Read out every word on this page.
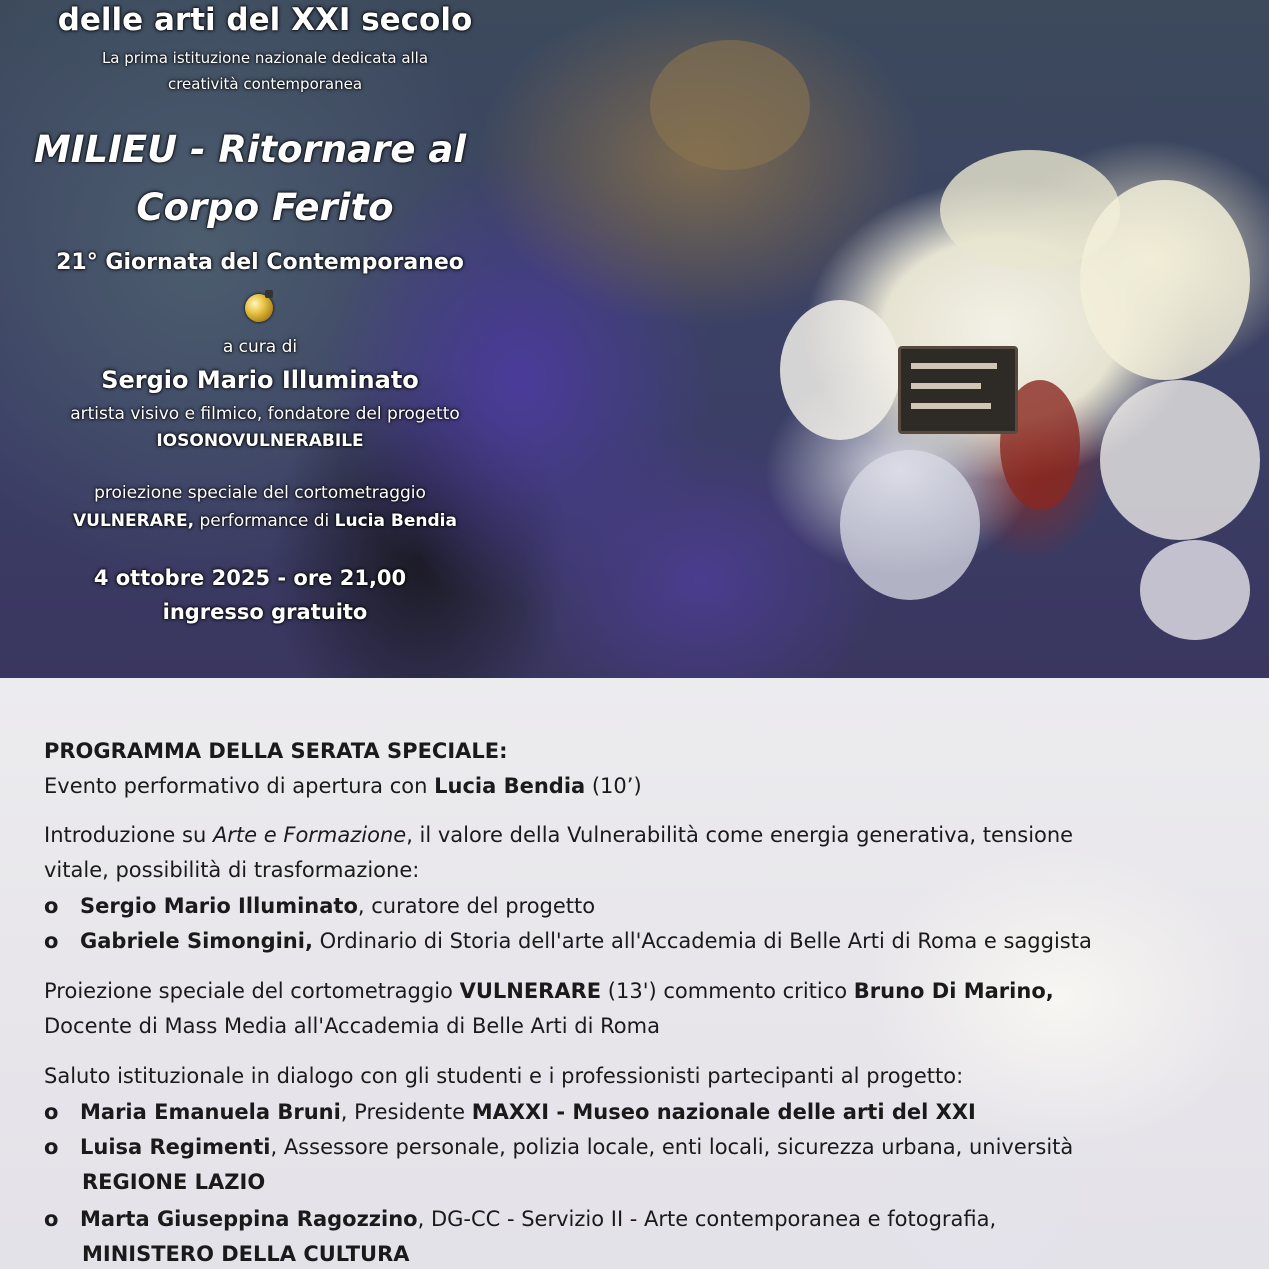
delle arti del XXI secolo
La prima istituzione nazionale dedicata alla
creatività contemporanea
MILIEU - Ritornare al
Corpo Ferito
21° Giornata del Contemporaneo
a cura di
Sergio Mario Illuminato
artista visivo e filmico, fondatore del progetto
IOSONOVULNERABILE
proiezione speciale del cortometraggio
VULNERARE, performance di Lucia Bendia
4 ottobre 2025 - ore 21,00
ingresso gratuito
PROGRAMMA DELLA SERATA SPECIALE:
Evento performativo di apertura con Lucia Bendia (10’)
Introduzione su Arte e Formazione, il valore della Vulnerabilità come energia generativa, tensione
vitale, possibilità di trasformazione:
o Sergio Mario Illuminato, curatore del progetto
o Gabriele Simongini, Ordinario di Storia dell'arte all'Accademia di Belle Arti di Roma e saggista
Proiezione speciale del cortometraggio VULNERARE (13') commento critico Bruno Di Marino,
Docente di Mass Media all'Accademia di Belle Arti di Roma
Saluto istituzionale in dialogo con gli studenti e i professionisti partecipanti al progetto:
o Maria Emanuela Bruni, Presidente MAXXI - Museo nazionale delle arti del XXI
o Luisa Regimenti, Assessore personale, polizia locale, enti locali, sicurezza urbana, università
REGIONE LAZIO
o Marta Giuseppina Ragozzino, DG-CC - Servizio II - Arte contemporanea e fotografia,
MINISTERO DELLA CULTURA
